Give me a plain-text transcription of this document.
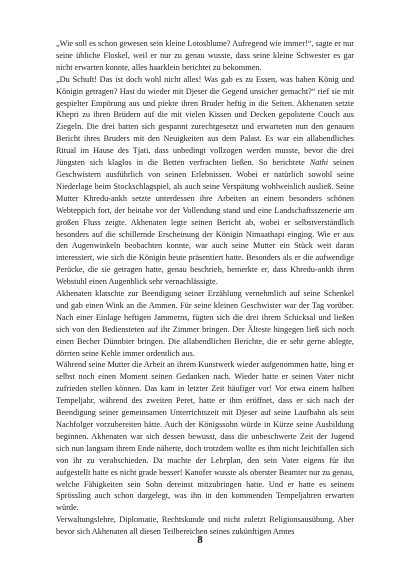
„Wie soll es schon gewesen sein kleine Lotosblume? Aufregend wie immer!“, sagte er nur seine übliche Floskel, weil er nur zu genau wusste, dass seine kleine Schwester es gar nicht erwarten konnte, alles haarklein berichtet zu bekommen.

„Du Schuft! Das ist doch wohl nicht alles! Was gab es zu Essen, was haben König und Königin getragen? Hast du wieder mit Djeser die Gegend unsicher gemacht?“ rief sie mit gespielter Empörung aus und piekte ihren Bruder heftig in die Seiten. Akhenaten setzte Khepri zu ihren Brüdern auf die mit vielen Kissen und Decken gepolsterte Couch aus Ziegeln. Die drei hatten sich gespannt zurechtgesetzt und erwarteten nun den genauen Bericht ihres Bruders mit den Neuigkeiten aus dem Palast. Es war ein allabendliches Ritual im Hause des Tjati, dass unbedingt vollzogen werden musste, bevor die drei Jüngsten sich klaglos in die Betten verfrachten ließen. So berichtete Nathi seinen Geschwistern ausführlich von seinen Erlebnissen. Wobei er natürlich sowohl seine Niederlage beim Stockschlagspiel, als auch seine Verspätung wohlweislich ausließ. Seine Mutter Khredu-ankh setzte unterdessen ihre Arbeiten an einem besonders schönen Webteppich fort, der beinahe vor der Vollendung stand und eine Landschaftsszenerie am großen Fluss zeigte. Akhenaten legte seinen Bericht ab, wobei er selbstverständlich besonders auf die schillernde Erscheinung der Königin Nimaathapi einging. Wie er aus den Augenwinkeln beobachten konnte, war auch seine Mutter ein Stück weit daran interessiert, wie sich die Königin heute präsentiert hatte. Besonders als er die aufwendige Perücke, die sie getragen hatte, genau beschrieb, bemerkte er, dass Khredu-ankh ihren Webstuhl einen Augenblick sehr vernachlässigte.

Akhenaten klatschte zur Beendigung seiner Erzählung vernehmlich auf seine Schenkel und gab einen Wink an die Ammen. Für seine kleinen Geschwister war der Tag vorüber. Nach einer Einlage heftigen Jammerns, fügten sich die drei ihrem Schicksal und ließen sich von den Bediensteten auf ihr Zimmer bringen. Der Älteste hingegen ließ sich noch einen Becher Dünnbier bringen. Die allabendlichen Berichte, die er sehr gerne ablegte, dörrten seine Kehle immer ordentlich aus.

Während seine Mutter die Arbeit an ihrem Kunstwerk wieder aufgenommen hatte, hing er selbst noch einen Moment seinen Gedanken nach. Wieder hatte er seinen Vater nicht zufrieden stellen können. Das kam in letzter Zeit häufiger vor! Vor etwa einem halben Tempeljahr, während des zweiten Peret, hatte er ihm eröffnet, dass er sich nach der Beendigung seiner gemeinsamen Unterrichtszeit mit Djeser auf seine Laufbahn als sein Nachfolger vorzubereiten hätte. Auch der Königssohn würde in Kürze seine Ausbildung beginnen. Akhenaten war sich dessen bewusst, dass die unbeschwerte Zeit der Jugend sich nun langsam ihrem Ende näherte, doch trotzdem wollte es ihm nicht leichtfallen sich von ihr zu verabschieden. Da machte der Lehrplan, den sein Vater eigens für ihn aufgestellt hatte es nicht grade besser! Kanofer wusste als oberster Beamter nur zu genau, welche Fähigkeiten sein Sohn dereinst mitzubringen hatte. Und er hatte es seinem Sprössling auch schon dargelegt, was ihn in den kommenden Tempeljahren erwarten würde.

Verwaltungslehre, Diplomatie, Rechtskunde und nicht zuletzt Religionsausübung. Aber bevor sich Akhenaten all diesen Teilbereichen seines zukünftigen Amtes

8
